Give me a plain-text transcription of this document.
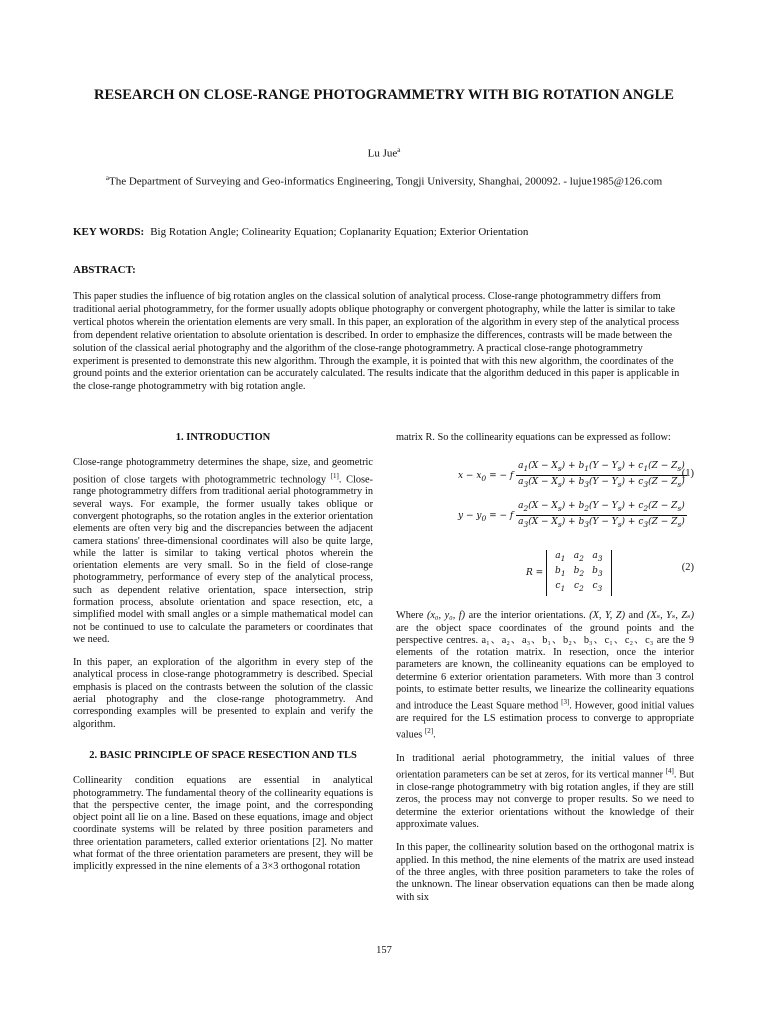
RESEARCH ON CLOSE-RANGE PHOTOGRAMMETRY WITH BIG ROTATION ANGLE
Lu Jue$^a$
$^a$The Department of Surveying and Geo-informatics Engineering, Tongji University, Shanghai, 200092. - lujue1985@126.com
KEY WORDS: Big Rotation Angle; Colinearity Equation; Coplanarity Equation; Exterior Orientation
ABSTRACT:
This paper studies the influence of big rotation angles on the classical solution of analytical process. Close-range photogrammetry differs from traditional aerial photogrammetry, for the former usually adopts oblique photography or convergent photography, while the latter is similar to take vertical photos wherein the orientation elements are very small. In this paper, an exploration of the algorithm in every step of the analytical process from dependent relative orientation to absolute orientation is described. In order to emphasize the differences, contrasts will be made between the solution of the classical aerial photography and the algorithm of the close-range photogrammetry. A practical close-range photogrammetry experiment is presented to demonstrate this new algorithm. Through the example, it is pointed that with this new algorithm, the coordinates of the ground points and the exterior orientation can be accurately calculated. The results indicate that the algorithm deduced in this paper is applicable in the close-range photogrammetry with big rotation angle.
1. INTRODUCTION

Close-range photogrammetry determines the shape, size, and geometric position of close targets with photogrammetric technology [1]. Close-range photogrammetry differs from traditional aerial photogrammetry in several ways. For example, the former usually takes oblique or convergent photographs, so the rotation angles in the exterior orientation elements are often very big and the discrepancies between the adjacent camera stations' three-dimensional coordinates will also be quite large, while the latter is similar to taking vertical photos wherein the orientation elements are very small. So in the field of close-range photogrammetry, performance of every step of the analytical process, such as dependent relative orientation, space intersection, strip formation process, absolute orientation and space resection, etc, a simplified model with small angles or a simple mathematical model can not be continued to use to calculate the parameters or coordinates that we need.

In this paper, an exploration of the algorithm in every step of the analytical process in close-range photogrammetry is described. Special emphasis is placed on the contrasts between the solution of the classic aerial photography and the close-range photogrammetry. And corresponding examples will be presented to explain and verify the algorithm.

2. BASIC PRINCIPLE OF SPACE RESECTION AND TLS

Collinearity condition equations are essential in analytical photogrammetry. The fundamental theory of the collinearity equations is that the perspective center, the image point, and the corresponding object point all lie on a line. Based on these equations, image and object coordinate systems will be related by three position parameters and three orientation parameters, called exterior orientations [2]. No matter what format of the three orientation parameters are present, they will be implicitly expressed in the nine elements of a 3×3 orthogonal rotation

matrix R. So the collinearity equations can be expressed as follow:

$x - x_0$ = − f $\frac{a_1(X - X_s) + b_1(Y - Y_s) + c_1(Z - Z_s)}{a_3(X - X_s) + b_3(Y - Y_s) + c_3(Z - Z_s)}$
(1)
$y - y_0$ = − f $\frac{a_2(X - X_s) + b_2(Y - Y_s) + c_2(Z - Z_s)}{a_3(X - X_s) + b_3(Y - Y_s) + c_3(Z - Z_s)}$
R =
$a_1$	$a_2$	$a_3$
$b_1$	$b_2$	$b_3$
$c_1$	$c_2$	$c_3$
(2)

Where (x₀, y₀, f) are the interior orientations. (X, Y, Z) and (Xₛ, Yₛ, Zₛ) are the object space coordinates of the ground points and the perspective centres. a₁、a₂、a₃、b₁、b₂、b₃、c₁、c₂、c₃ are the 9 elements of the rotation matrix. In resection, once the interior parameters are known, the collineanity equations can be employed to determine 6 exterior orientation parameters. With more than 3 control points, to estimate better results, we linearize the collinearity equations and introduce the Least Square method [3]. However, good initial values are required for the LS estimation process to converge to appropriate values [2].

In traditional aerial photogrammetry, the initial values of three orientation parameters can be set at zeros, for its vertical manner [4]. But in close-range photogrammetry with big rotation angles, if they are still zeros, the process may not converge to proper results. So we need to determine the exterior orientations without the knowledge of their approximate values.

In this paper, the collinearity solution based on the orthogonal matrix is applied. In this method, the nine elements of the matrix are used instead of the three angles, with three position parameters to take the roles of the unknown. The linear observation equations can then be made along with six

157
